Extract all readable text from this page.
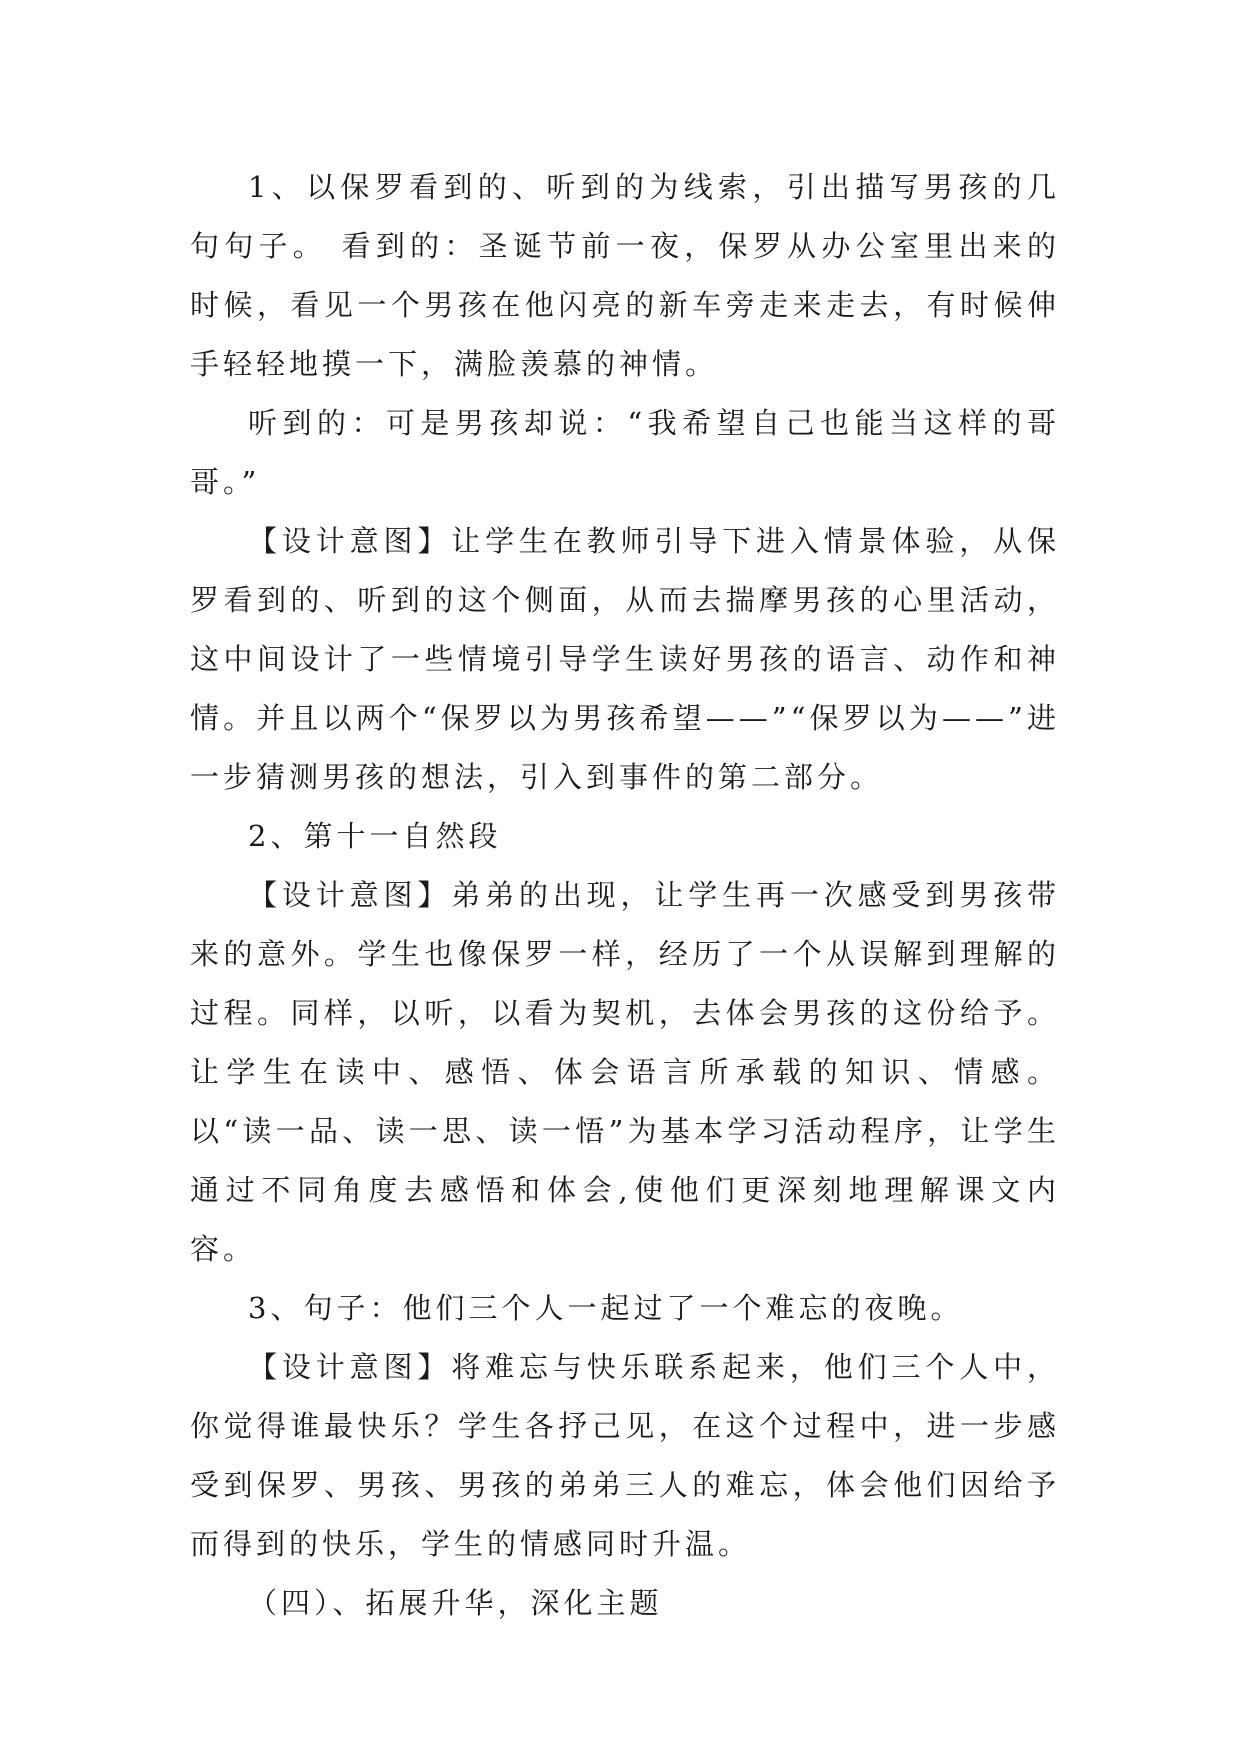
1、以保罗看到的、听到的为线索，引出描写男孩的几句句子。 看到的：圣诞节前一夜，保罗从办公室里出来的时候，看见一个男孩在他闪亮的新车旁走来走去，有时候伸手轻轻地摸一下，满脸羡慕的神情。

听到的：可是男孩却说：“我希望自己也能当这样的哥哥。”

【设计意图】让学生在教师引导下进入情景体验，从保罗看到的、听到的这个侧面，从而去揣摩男孩的心里活动，这中间设计了一些情境引导学生读好男孩的语言、动作和神情。并且以两个“保罗以为男孩希望——”“保罗以为——”进一步猜测男孩的想法，引入到事件的第二部分。

2、第十一自然段

【设计意图】弟弟的出现，让学生再一次感受到男孩带来的意外。学生也像保罗一样，经历了一个从误解到理解的过程。同样，以听，以看为契机，去体会男孩的这份给予。让学生在读中、感悟、体会语言所承载的知识、情感。以“读一品、读一思、读一悟”为基本学习活动程序，让学生通过不同角度去感悟和体会,使他们更深刻地理解课文内容。

3、句子：他们三个人一起过了一个难忘的夜晚。

【设计意图】将难忘与快乐联系起来，他们三个人中，你觉得谁最快乐？学生各抒己见，在这个过程中，进一步感受到保罗、男孩、男孩的弟弟三人的难忘，体会他们因给予而得到的快乐，学生的情感同时升温。

（四）、拓展升华，深化主题
